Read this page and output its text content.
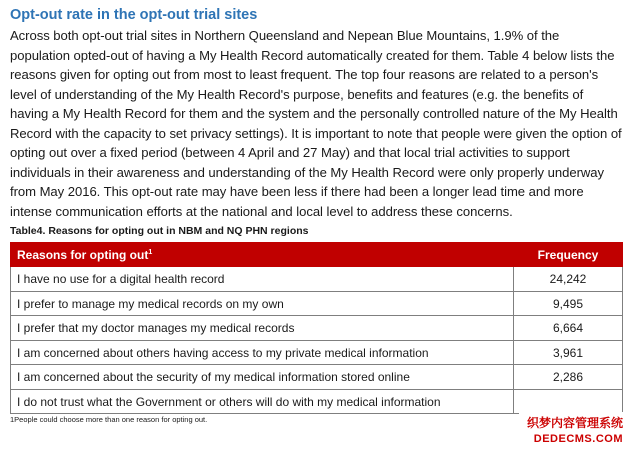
Opt-out rate in the opt-out trial sites

Across both opt-out trial sites in Northern Queensland and Nepean Blue Mountains, 1.9% of the population opted-out of having a My Health Record automatically created for them. Table 4 below lists the reasons given for opting out from most to least frequent. The top four reasons are related to a person's level of understanding of the My Health Record's purpose, benefits and features (e.g. the benefits of having a My Health Record for them and the system and the personally controlled nature of the My Health Record with the capacity to set privacy settings). It is important to note that people were given the option of opting out over a fixed period (between 4 April and 27 May) and that local trial activities to support individuals in their awareness and understanding of the My Health Record were only properly underway from May 2016. This opt-out rate may have been less if there had been a longer lead time and more intense communication efforts at the national and local level to address these concerns.

Table4. Reasons for opting out in NBM and NQ PHN regions
Reasons for opting out$^1$	Frequency
I have no use for a digital health record	24,242
I prefer to manage my medical records on my own	9,495
I prefer that my doctor manages my medical records	6,664
I am concerned about others having access to my private medical information	3,961
I am concerned about the security of my medical information stored online	2,286
I do not trust what the Government or others will do with my medical information	

1People could choose more than one reason for opting out.	织梦内容管理系统
DEDECMS.COM
